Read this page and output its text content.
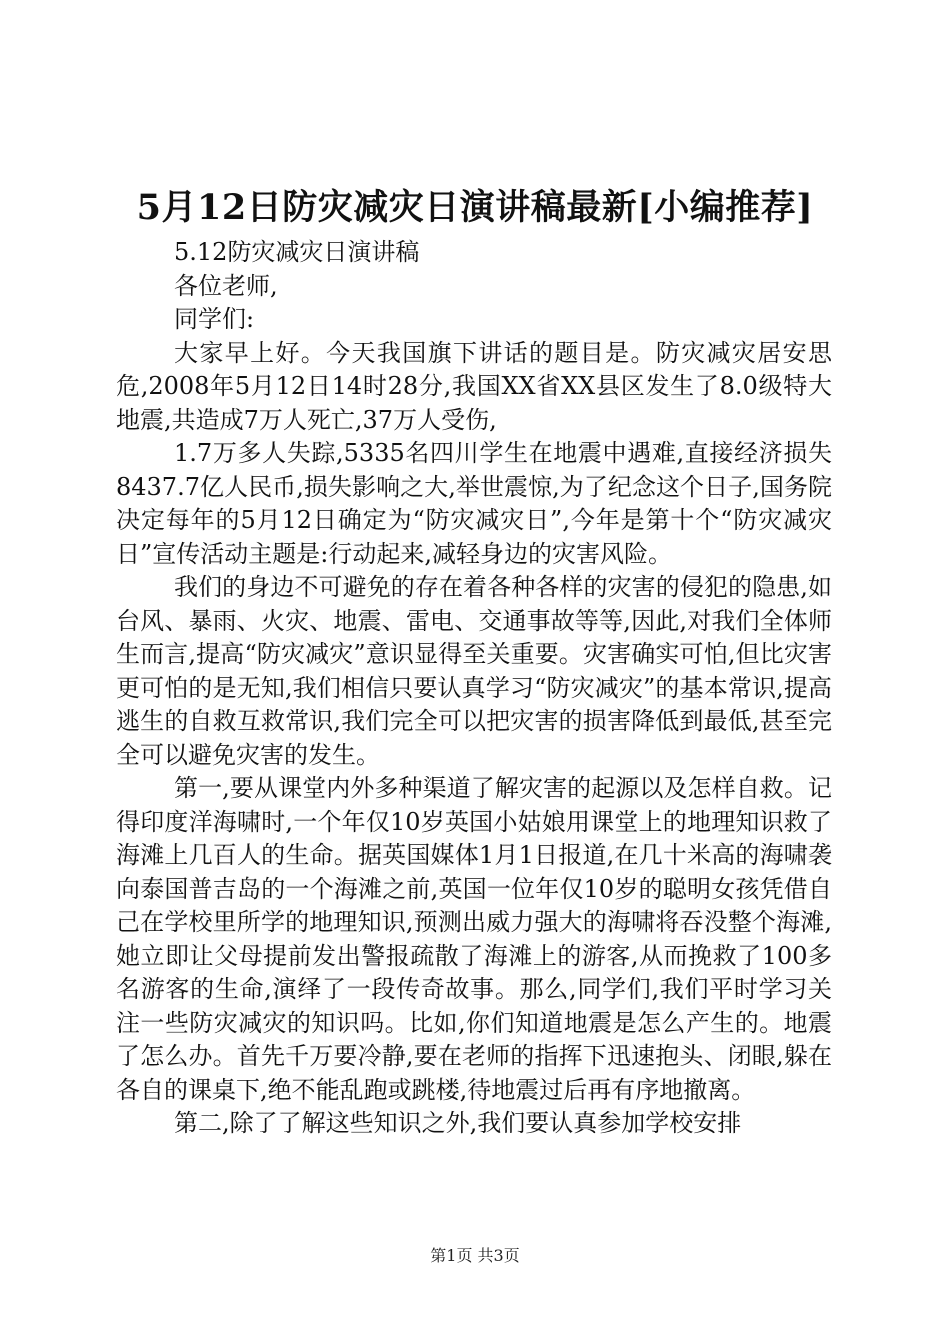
5月12日防灾减灾日演讲稿最新[小编推荐]

5.12防灾减灾日演讲稿

各位老师,

同学们:

大家早上好。今天我国旗下讲话的题目是。防灾减灾居安思危,2008年5月12日14时28分,我国XX省XX县区发生了8.0级特大地震,共造成7万人死亡,37万人受伤,

1.7万多人失踪,5335名四川学生在地震中遇难,直接经济损失8437.7亿人民币,损失影响之大,举世震惊,为了纪念这个日子,国务院决定每年的5月12日确定为“防灾减灾日”,今年是第十个“防灾减灾日”宣传活动主题是:行动起来,减轻身边的灾害风险。

我们的身边不可避免的存在着各种各样的灾害的侵犯的隐患,如台风、暴雨、火灾、地震、雷电、交通事故等等,因此,对我们全体师生而言,提高“防灾减灾”意识显得至关重要。灾害确实可怕,但比灾害更可怕的是无知,我们相信只要认真学习“防灾减灾”的基本常识,提高逃生的自救互救常识,我们完全可以把灾害的损害降低到最低,甚至完全可以避免灾害的发生。

第一,要从课堂内外多种渠道了解灾害的起源以及怎样自救。记得印度洋海啸时,一个年仅10岁英国小姑娘用课堂上的地理知识救了海滩上几百人的生命。据英国媒体1月1日报道,在几十米高的海啸袭向泰国普吉岛的一个海滩之前,英国一位年仅10岁的聪明女孩凭借自己在学校里所学的地理知识,预测出威力强大的海啸将吞没整个海滩,她立即让父母提前发出警报疏散了海滩上的游客,从而挽救了100多名游客的生命,演绎了一段传奇故事。那么,同学们,我们平时学习关注一些防灾减灾的知识吗。比如,你们知道地震是怎么产生的。地震了怎么办。首先千万要冷静,要在老师的指挥下迅速抱头、闭眼,躲在各自的课桌下,绝不能乱跑或跳楼,待地震过后再有序地撤离。

第二,除了了解这些知识之外,我们要认真参加学校安排

第1页 共3页
